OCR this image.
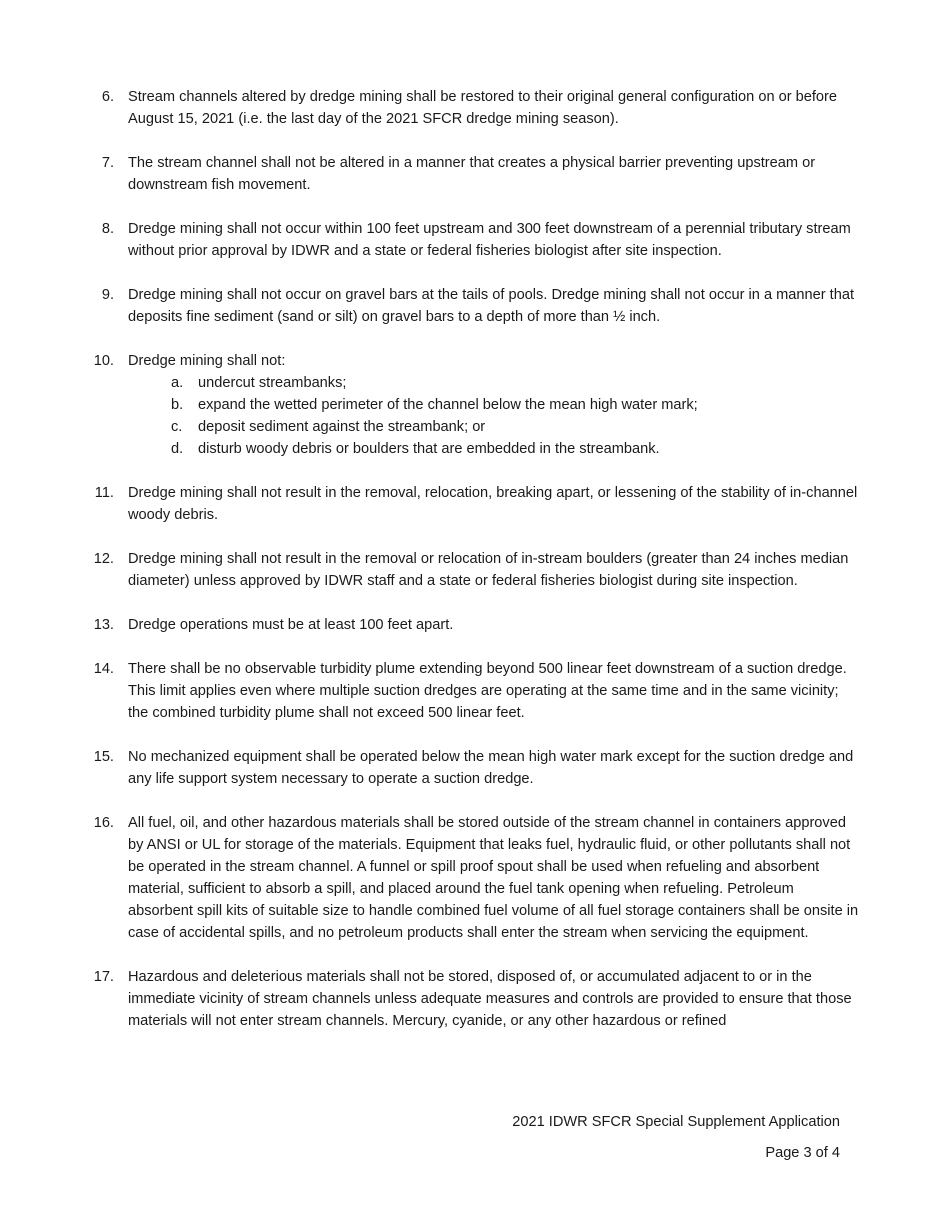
6. Stream channels altered by dredge mining shall be restored to their original general configuration on or before August 15, 2021 (i.e. the last day of the 2021 SFCR dredge mining season).
7. The stream channel shall not be altered in a manner that creates a physical barrier preventing upstream or downstream fish movement.
8. Dredge mining shall not occur within 100 feet upstream and 300 feet downstream of a perennial tributary stream without prior approval by IDWR and a state or federal fisheries biologist after site inspection.
9. Dredge mining shall not occur on gravel bars at the tails of pools. Dredge mining shall not occur in a manner that deposits fine sediment (sand or silt) on gravel bars to a depth of more than ½ inch.
10. Dredge mining shall not:
a. undercut streambanks;
b. expand the wetted perimeter of the channel below the mean high water mark;
c. deposit sediment against the streambank; or
d. disturb woody debris or boulders that are embedded in the streambank.
11. Dredge mining shall not result in the removal, relocation, breaking apart, or lessening of the stability of in-channel woody debris.
12. Dredge mining shall not result in the removal or relocation of in-stream boulders (greater than 24 inches median diameter) unless approved by IDWR staff and a state or federal fisheries biologist during site inspection.
13. Dredge operations must be at least 100 feet apart.
14. There shall be no observable turbidity plume extending beyond 500 linear feet downstream of a suction dredge. This limit applies even where multiple suction dredges are operating at the same time and in the same vicinity; the combined turbidity plume shall not exceed 500 linear feet.
15. No mechanized equipment shall be operated below the mean high water mark except for the suction dredge and any life support system necessary to operate a suction dredge.
16. All fuel, oil, and other hazardous materials shall be stored outside of the stream channel in containers approved by ANSI or UL for storage of the materials. Equipment that leaks fuel, hydraulic fluid, or other pollutants shall not be operated in the stream channel. A funnel or spill proof spout shall be used when refueling and absorbent material, sufficient to absorb a spill, and placed around the fuel tank opening when refueling. Petroleum absorbent spill kits of suitable size to handle combined fuel volume of all fuel storage containers shall be onsite in case of accidental spills, and no petroleum products shall enter the stream when servicing the equipment.
17. Hazardous and deleterious materials shall not be stored, disposed of, or accumulated adjacent to or in the immediate vicinity of stream channels unless adequate measures and controls are provided to ensure that those materials will not enter stream channels. Mercury, cyanide, or any other hazardous or refined
2021 IDWR SFCR Special Supplement Application
Page 3 of 4
